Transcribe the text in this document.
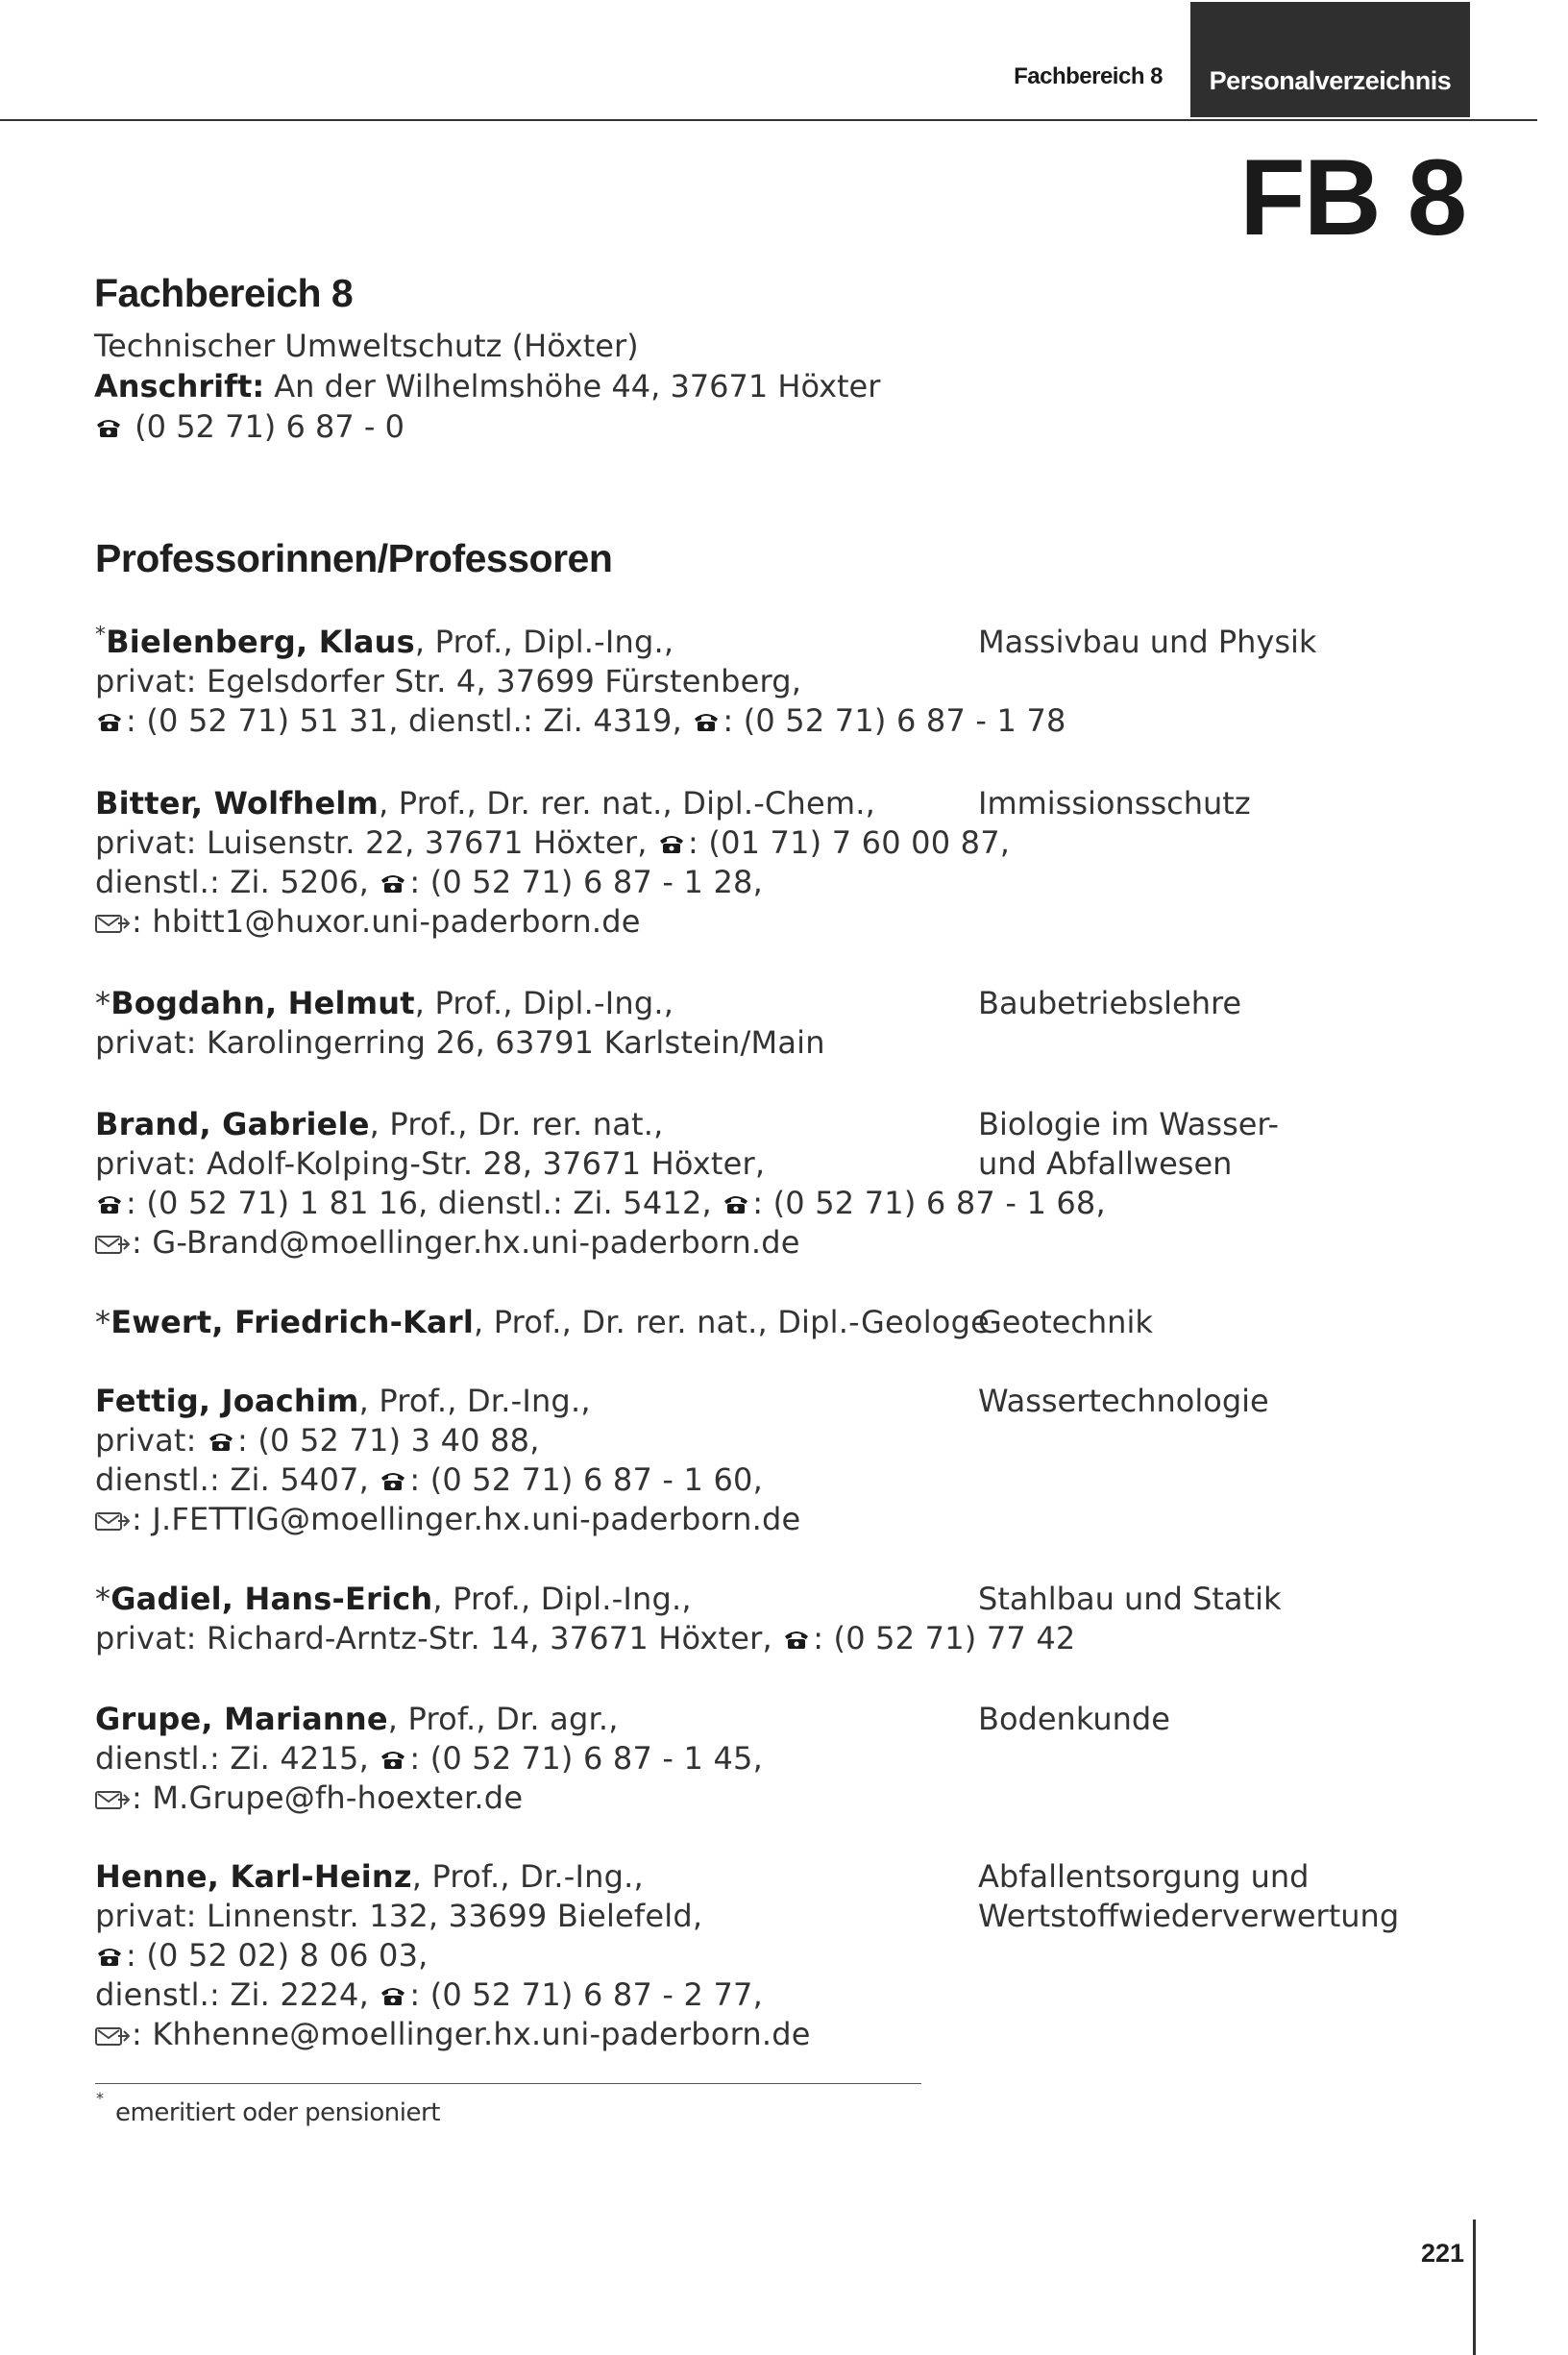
Fachbereich 8 Personalverzeichnis
FB 8
Fachbereich 8
Technischer Umweltschutz (Höxter)
Anschrift: An der Wilhelmshöhe 44, 37671 Höxter
(0 52 71) 6 87 - 0
Professorinnen/Professoren
*Bielenberg, Klaus, Prof., Dipl.-Ing.,
privat: Egelsdorfer Str. 4, 37699 Fürstenberg,
: (0 52 71) 51 31, dienstl.: Zi. 4319, : (0 52 71) 6 87 - 1 78
Massivbau und Physik
Bitter, Wolfhelm, Prof., Dr. rer. nat., Dipl.-Chem.,
privat: Luisenstr. 22, 37671 Höxter, : (01 71) 7 60 00 87,
dienstl.: Zi. 5206, : (0 52 71) 6 87 - 1 28,
: hbitt1@huxor.uni-paderborn.de
Immissionsschutz
*Bogdahn, Helmut, Prof., Dipl.-Ing.,
privat: Karolingerring 26, 63791 Karlstein/Main
Baubetriebslehre
Brand, Gabriele, Prof., Dr. rer. nat.,
privat: Adolf-Kolping-Str. 28, 37671 Höxter,
: (0 52 71) 1 81 16, dienstl.: Zi. 5412, : (0 52 71) 6 87 - 1 68,
: G-Brand@moellinger.hx.uni-paderborn.de
Biologie im Wasser-
und Abfallwesen
*Ewert, Friedrich-Karl, Prof., Dr. rer. nat., Dipl.-Geologe
Geotechnik
Fettig, Joachim, Prof., Dr.-Ing.,
privat: : (0 52 71) 3 40 88,
dienstl.: Zi. 5407, : (0 52 71) 6 87 - 1 60,
: J.FETTIG@moellinger.hx.uni-paderborn.de
Wassertechnologie
*Gadiel, Hans-Erich, Prof., Dipl.-Ing.,
privat: Richard-Arntz-Str. 14, 37671 Höxter, : (0 52 71) 77 42
Stahlbau und Statik
Grupe, Marianne, Prof., Dr. agr.,
dienstl.: Zi. 4215, : (0 52 71) 6 87 - 1 45,
: M.Grupe@fh-hoexter.de
Bodenkunde
Henne, Karl-Heinz, Prof., Dr.-Ing.,
privat: Linnenstr. 132, 33699 Bielefeld,
: (0 52 02) 8 06 03,
dienstl.: Zi. 2224, : (0 52 71) 6 87 - 2 77,
: Khhenne@moellinger.hx.uni-paderborn.de
Abfallentsorgung und
Wertstoffwiederverwertung
*
emeritiert oder pensioniert
221
